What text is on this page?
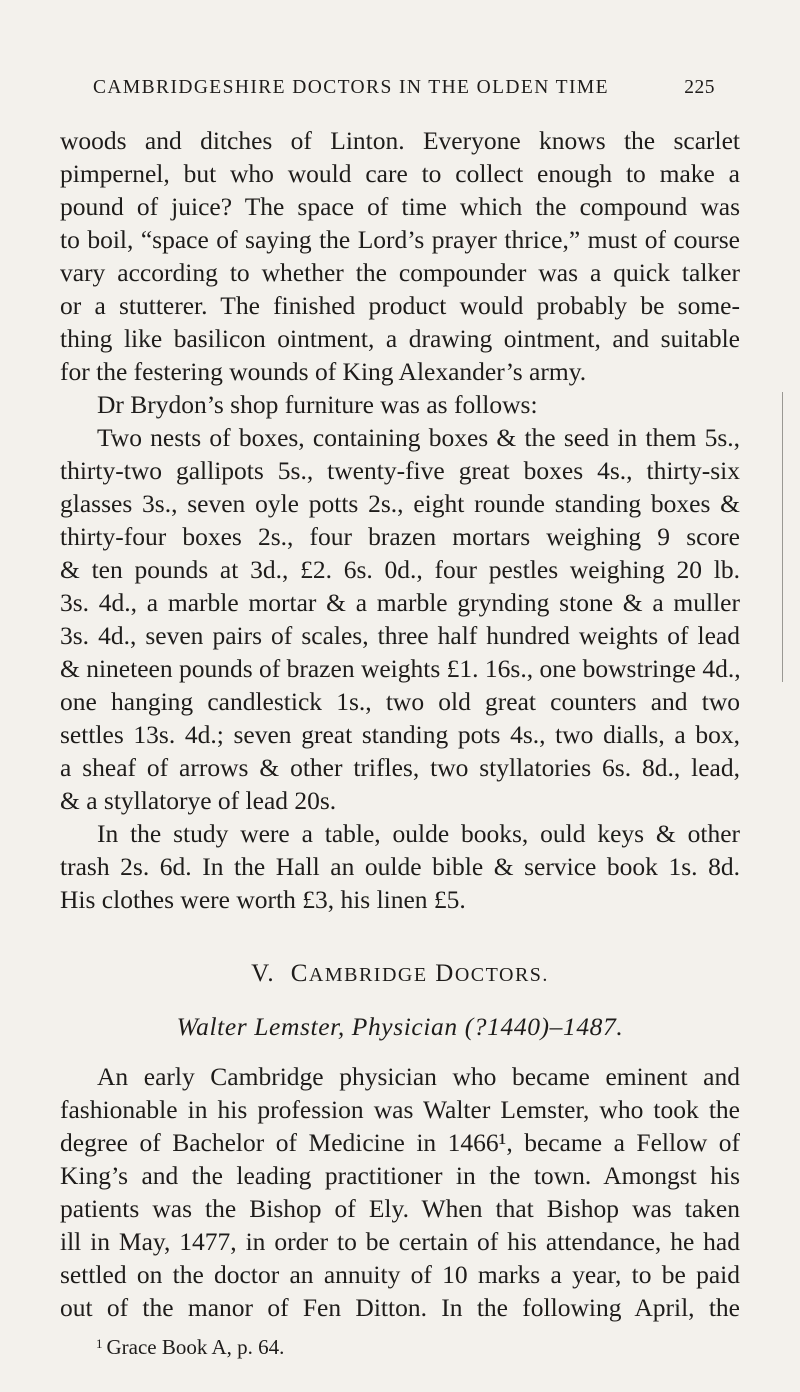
CAMBRIDGESHIRE DOCTORS IN THE OLDEN TIME	225
woods and ditches of Linton. Everyone knows the scarlet
pimpernel, but who would care to collect enough to make a
pound of juice? The space of time which the compound was
to boil, “space of saying the Lord’s prayer thrice,” must of course
vary according to whether the compounder was a quick talker
or a stutterer. The finished product would probably be some-
thing like basilicon ointment, a drawing ointment, and suitable
for the festering wounds of King Alexander’s army.
Dr Brydon’s shop furniture was as follows:
Two nests of boxes, containing boxes & the seed in them 5s.,
thirty-two gallipots 5s., twenty-five great boxes 4s., thirty-six
glasses 3s., seven oyle potts 2s., eight rounde standing boxes &
thirty-four boxes 2s., four brazen mortars weighing 9 score
& ten pounds at 3d., £2. 6s. 0d., four pestles weighing 20 lb.
3s. 4d., a marble mortar & a marble grynding stone & a muller
3s. 4d., seven pairs of scales, three half hundred weights of lead
& nineteen pounds of brazen weights £1. 16s., one bowstringe 4d.,
one hanging candlestick 1s., two old great counters and two
settles 13s. 4d.; seven great standing pots 4s., two dialls, a box,
a sheaf of arrows & other trifles, two styllatories 6s. 8d., lead,
& a styllatorye of lead 20s.
In the study were a table, oulde books, ould keys & other
trash 2s. 6d. In the Hall an oulde bible & service book 1s. 8d.
His clothes were worth £3, his linen £5.
V. CAMBRIDGE DOCTORS.
Walter Lemster, Physician (?1440)–1487.
An early Cambridge physician who became eminent and
fashionable in his profession was Walter Lemster, who took the
degree of Bachelor of Medicine in 1466¹, became a Fellow of
King’s and the leading practitioner in the town. Amongst his
patients was the Bishop of Ely. When that Bishop was taken
ill in May, 1477, in order to be certain of his attendance, he had
settled on the doctor an annuity of 10 marks a year, to be paid
out of the manor of Fen Ditton. In the following April, the
$^1$ Grace Book A, p. 64.
